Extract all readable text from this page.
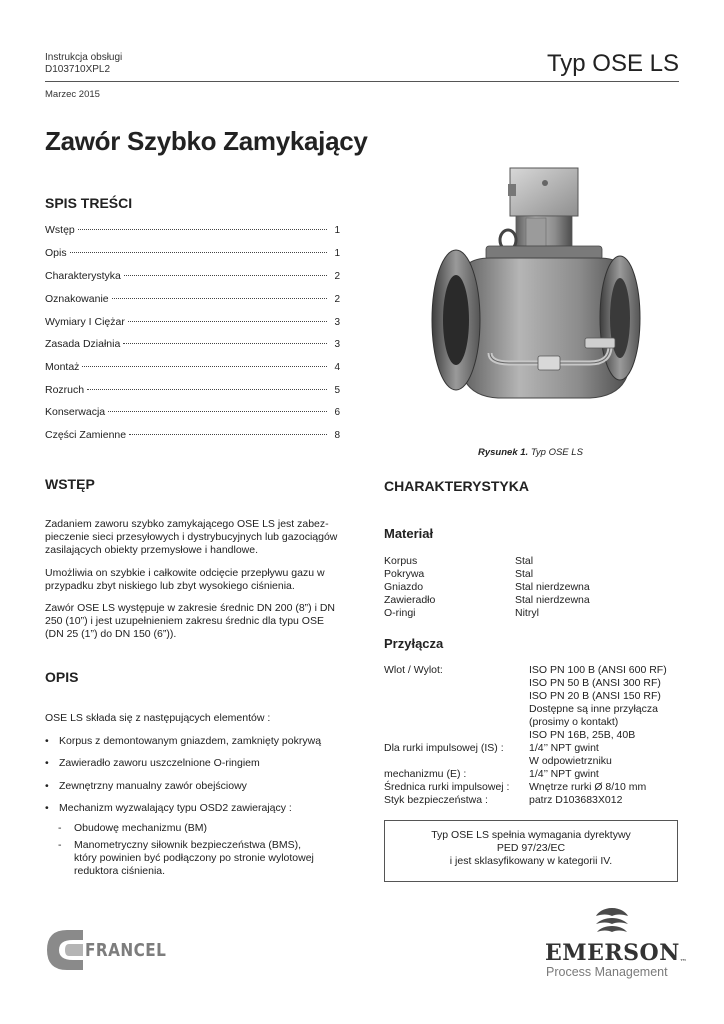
Instrukcja obsługi
D103710XPL2	Typ OSE LS
Marzec 2015
Zawór Szybko Zamykający
SPIS TREŚCI
Wstęp	1
Opis	1
Charakterystyka	2
Oznakowanie	2
Wymiary I Ciężar	3
Zasada Działnia	3
Montaż	4
Rozruch	5
Konserwacja	6
Części Zamienne	8
Rysunek 1. Typ OSE LS
WSTĘP
Zadaniem zaworu szybko zamykającego OSE LS jest zabez-pieczenie sieci przesyłowych i dystrybucyjnych lub gazociągów zasilających obiekty przemysłowe i handlowe.
Umożliwia on szybkie i całkowite odcięcie przepływu gazu w przypadku zbyt niskiego lub zbyt wysokiego ciśnienia.
Zawór OSE LS występuje w zakresie średnic DN 200 (8”) i DN 250 (10”) i jest uzupełnieniem zakresu średnic dla typu OSE (DN 25 (1”) do DN 150 (6”)).
OPIS
OSE LS składa się z następujących elementów :
• Korpus z demontowanym gniazdem, zamknięty pokrywą
• Zawieradło zaworu uszczelnione O-ringiem
• Zewnętrzny manualny zawór obejściowy
• Mechanizm wyzwalający typu OSD2 zawierający :
- Obudowę mechanizmu (BM)
- Manometryczny siłownik bezpieczeństwa (BMS), który powinien być podłączony po stronie wylotowej reduktora ciśnienia.
CHARAKTERYSTYKA
Materiał
Korpus	Stal
Pokrywa	Stal
Gniazdo	Stal nierdzewna
Zawieradło	Stal nierdzewna
O-ringi	Nitryl
Przyłącza
Wlot / Wylot:	ISO PN 100 B (ANSI 600 RF)
ISO PN 50 B (ANSI 300 RF)
ISO PN 20 B (ANSI 150 RF)
Dostępne są inne przyłącza
(prosimy o kontakt)
ISO PN 16B, 25B, 40B
Dla rurki impulsowej (IS) : 1/4’’ NPT gwint
W odpowietrzniku
mechanizmu (E) :	1/4’’ NPT gwint
Średnica rurki impulsowej : Wnętrze rurki Ø 8/10 mm
Styk bezpieczeństwa :	patrz D103683X012
Typ OSE LS spełnia wymagania dyrektywy
PED 97/23/EC
i jest sklasyfikowany w kategorii IV.
FRANCEL	EMERSON™
Process Management
